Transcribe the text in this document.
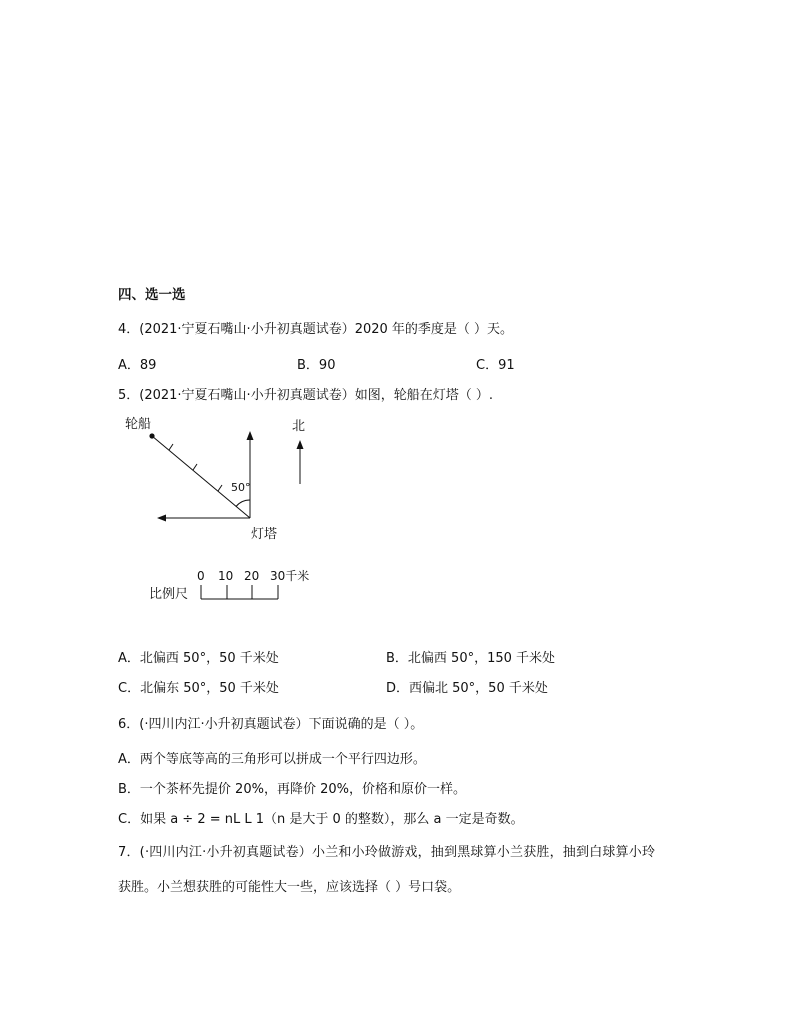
四、选一选
4．(2021·宁夏石嘴山·小升初真题试卷）2020 年的季度是（ ）天。
A．89	B．90	C．91
5．(2021·宁夏石嘴山·小升初真题试卷）如图，轮船在灯塔（ ）.
轮船
50°
灯塔
北
比例尺
0 10 20 30千米
A．北偏西 50°，50 千米处	B．北偏西 50°，150 千米处
C．北偏东 50°，50 千米处	D．西偏北 50°，50 千米处
6．(·四川内江·小升初真题试卷）下面说确的是（ ）。
A．两个等底等高的三角形可以拼成一个平行四边形。
B．一个茶杯先提价 20%，再降价 20%，价格和原价一样。
C．如果 a ÷ 2 = nL L 1（n 是大于 0 的整数），那么 a 一定是奇数。
7．(·四川内江·小升初真题试卷）小兰和小玲做游戏，抽到黑球算小兰获胜，抽到白球算小玲
获胜。小兰想获胜的可能性大一些，应该选择（ ）号口袋。
